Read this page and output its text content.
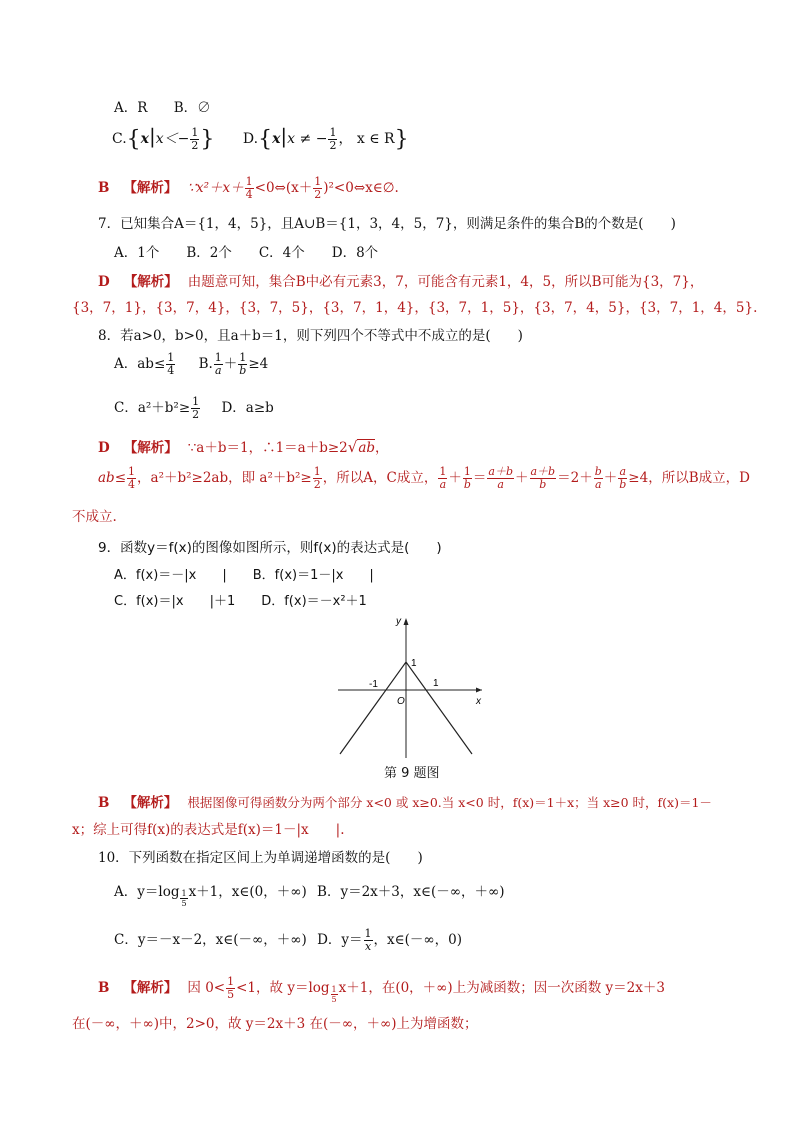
A．R B．∅
$C.\{x|x<- \frac{1}{2}$ } D.{x|x ≠ − $\frac{1}{2}$ ， x ∈ R}
B 【解析】 ∵x²＋x＋ $\frac{1}{4}$ <0⇔(x＋ $\frac{1}{2}$ )²<0⇔x∈∅.
7．已知集合A＝{1，4，5}，且A∪B＝{1，3，4，5，7}，则满足条件的集合B的个数是(　　)
A．1个　　B．2个　　C．4个　　D．8个
D 【解析】 由题意可知，集合B中必有元素3，7，可能含有元素1，4，5，所以B可能为{3，7}，
{3，7，1}，{3，7，4}，{3，7，5}，{3，7，1，4}，{3，7，1，5}，{3，7，4，5}，{3，7，1，4，5}.
8．若a>0，b>0，且a＋b＝1，则下列四个不等式中不成立的是(　　)
A．$ab\le \frac{1}{4} B$. $\frac{1}{a} + \frac{1}{b} \ge 4$
C．$a^2+b^2\ge \frac{1}{2}$ D．a≥b
D 【解析】 ∵a＋b＝1，∴1＝a＋b≥2√ab，
$ab\le \frac{1}{4}$ ，a²＋b²≥2ab，即 $a^2+b^2\ge \frac{1}{2}$ ，所以A，C成立， $\frac{1}{a} + \frac{1}{b} = \frac{a+b}{a} + \frac{a+b}{b} =2+ \frac{b}{a} + \frac{a}{b} \ge 4$，所以B成立，D
不成立.
9．函数y＝f(x)的图像如图所示，则f(x)的表达式是(　　)
A．f(x)＝－|x　　|　　B．f(x)＝1－|x　　|
C．f(x)＝|x　　|＋1　　D．f(x)＝－x²＋1
y
x
O
-1	1
1
第 9 题图
B 【解析】 根据图像可得函数分为两个部分 x<0 或 x≥0.当 x<0 时，f(x)＝1＋x；当 x≥0 时，f(x)＝1－
x；综上可得f(x)的表达式是f(x)＝1－|x　　|.
10．下列函数在指定区间上为单调递增函数的是(　　)
A．$y=\log \frac{1}{5} x+1$，x∈(0，＋∞) B．y＝2x＋3，x∈(－∞，＋∞)
C．y＝－x－2，x∈(－∞，＋∞) D．$y= \frac{1}{x}$ ，x∈(－∞，0)
B 【解析】 因 $0< \frac{1}{5} <1$，故 $y=\log \frac{1}{5} x+1$，在(0，＋∞)上为减函数；因一次函数 y＝2x＋3
在(－∞，＋∞)中，2>0，故 y＝2x＋3 在(－∞，＋∞)上为增函数；
